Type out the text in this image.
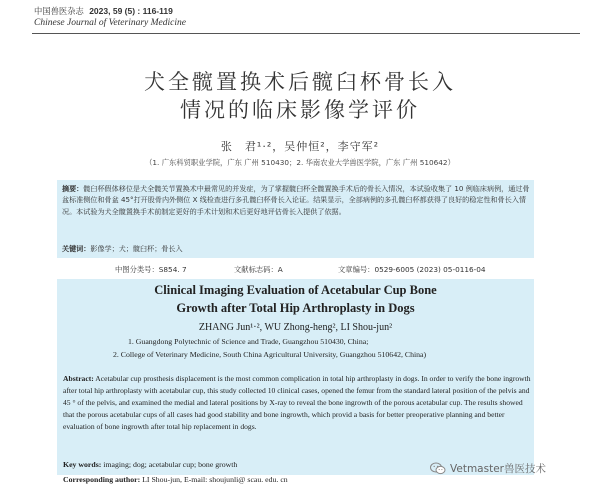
中国兽医杂志 2023, 59 (5) : 116-119
Chinese Journal of Veterinary Medicine
犬全髋置换术后髋臼杯骨长入
情况的临床影像学评价
张　君¹·²，吴仲恒²，李守军²
（1. 广东科贸职业学院，广东 广州 510430；2. 华南农业大学兽医学院，广东 广州 510642）
摘要：髋臼杯假体移位是犬全髋关节置换术中最常见的并发症，为了掌握髋臼杯全髋置换手术后的骨长入情况，本试验收集了 10 例临床病例，通过骨盆标准侧位和骨盆 45°打开股骨内外侧位 X 线检查进行多孔髋臼杯骨长入论证。结果显示，全部病例的多孔髋臼杯都获得了良好的稳定性和骨长入情况。本试验为犬全髋置换手术前制定更好的手术计划和术后更好地评估骨长入提供了依据。
关键词：影像学；犬；髋臼杯；骨长入
中图分类号：S854. 7	文献标志码：A	文章编号：0529-6005 (2023) 05-0116-04
Clinical Imaging Evaluation of Acetabular Cup Bone
Growth after Total Hip Arthroplasty in Dogs
ZHANG Jun¹·², WU Zhong-heng², LI Shou-jun²
1. Guangdong Polytechnic of Science and Trade, Guangzhou 510430, China;
2. College of Veterinary Medicine, South China Agricultural University, Guangzhou 510642, China)
Abstract: Acetabular cup prosthesis displacement is the most common complication in total hip arthroplasty in dogs. In order to verify the bone ingrowth after total hip arthroplasty with acetabular cup, this study collected 10 clinical cases, opened the femur from the standard lateral position of the pelvis and 45 ° of the pelvis, and examined the medial and lateral positions by X-ray to reveal the bone ingrowth of the porous acetabular cup. The results showed that the porous acetabular cups of all cases had good stability and bone ingrowth, which provid a basis for better preoperative planning and better evaluation of bone ingrowth after total hip replacement in dogs.
Key words: imaging; dog; acetabular cup; bone growth
Corresponding author: LI Shou-jun, E-mail: shoujunli@ scau. edu. cn
Vetmaster兽医技术
